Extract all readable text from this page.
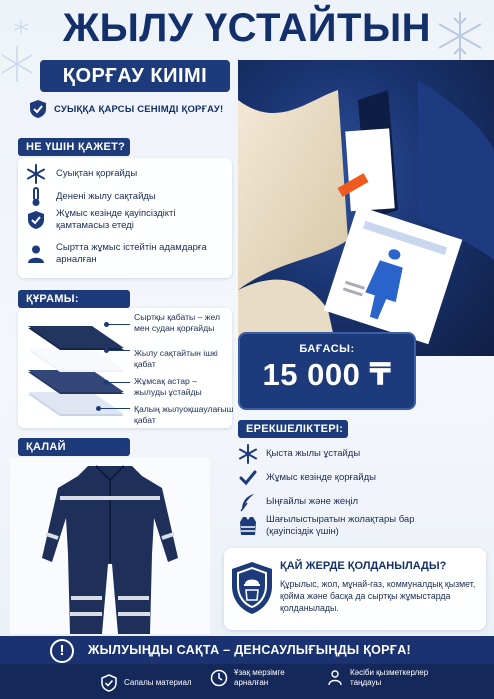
ЖЫЛУ ҮСТАЙТЫН
ҚОРҒАУ КИІМІ
СУЫҚҚА ҚАРСЫ СЕНІМДІ ҚОРҒАУ!
НЕ ҮШІН ҚАЖЕТ?
Суықтан қорғайды
Денені жылу сақтайды
Жұмыс кезінде қауіпсіздікті қамтамасыз етеді
Сыртта жұмыс істейтін адамдарға арналған
ҚҰРАМЫ:
Сыртқы қабаты – жел мен судан қорғайды
Жылу сақтайтын ішкі қабат
Жұмсақ астар – жылуды ұстайды
Қалың жылуоқшаулағыш қабат
ҚАЛАЙ
БАҒАСЫ:
15 000 ₸
ЕРЕКШЕЛІКТЕРІ:
Қыста жылы ұстайды
Жұмыс кезінде қорғайды
Ыңғайлы және жеңіл
Шағылыстыратын жолақтары бар (қауіпсіздік үшін)
ҚАЙ ЖЕРДЕ ҚОЛДАНЫЛАДЫ?
Құрылыс, жол, мұнай-газ, коммуналдық қызмет, қойма және басқа да сыртқы жұмыстарда қолданылады.
ЖЫЛУЫҢДЫ САҚТА – ДЕНСАУЛЫҒЫҢДЫ ҚОРҒА!
!
Сапалы материал
Ұзақ мерзімге арналған
Кәсіби қызметкерлер таңдауы
